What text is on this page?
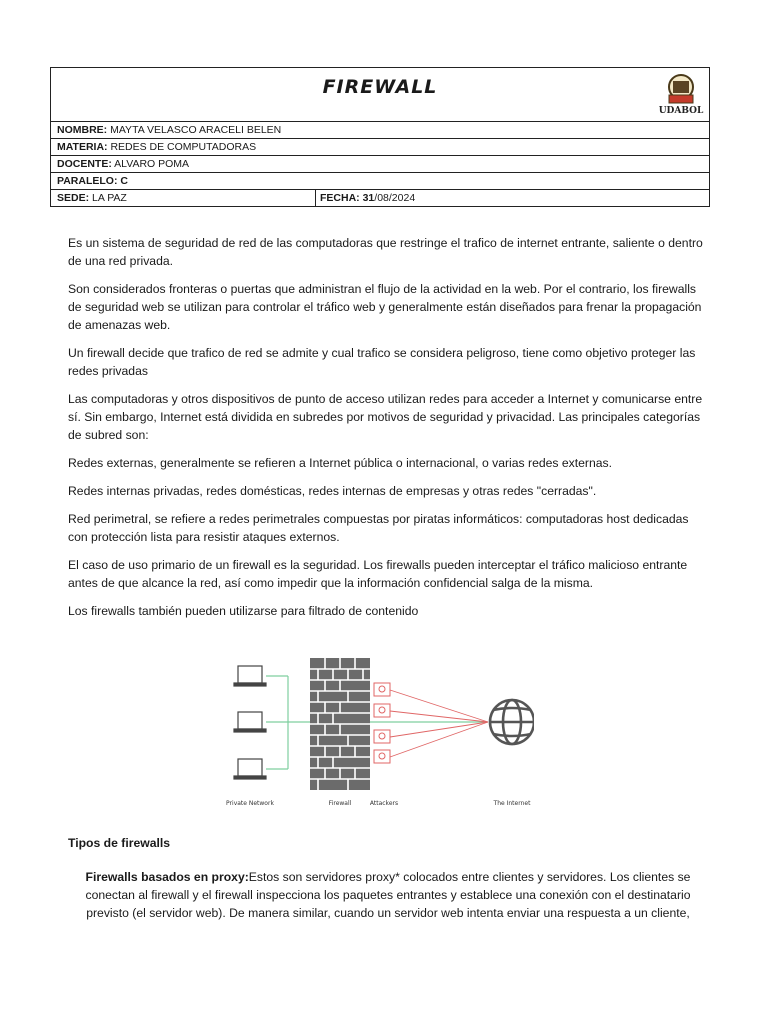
FIREWALL
UDABOL
NOMBRE: MAYTA VELASCO ARACELI BELEN
MATERIA: REDES DE COMPUTADORAS
DOCENTE: ALVARO POMA
PARALELO: C
SEDE: LA PAZ	FECHA: 31/08/2024

Es un sistema de seguridad de red de las computadoras que restringe el trafico de internet entrante, saliente o dentro de una red privada.

Son considerados fronteras o puertas que administran el flujo de la actividad en la web. Por el contrario, los firewalls de seguridad web se utilizan para controlar el tráfico web y generalmente están diseñados para frenar la propagación de amenazas web.

Un firewall decide que trafico de red se admite y cual trafico se considera peligroso, tiene como objetivo proteger las redes privadas

Las computadoras y otros dispositivos de punto de acceso utilizan redes para acceder a Internet y comunicarse entre sí. Sin embargo, Internet está dividida en subredes por motivos de seguridad y privacidad. Las principales categorías de subred son:

Redes externas, generalmente se refieren a Internet pública o internacional, o varias redes externas.

Redes internas privadas, redes domésticas, redes internas de empresas y otras redes "cerradas".

Red perimetral, se refiere a redes perimetrales compuestas por piratas informáticos: computadoras host dedicadas con protección lista para resistir ataques externos.

El caso de uso primario de un firewall es la seguridad. Los firewalls pueden interceptar el tráfico malicioso entrante antes de que alcance la red, así como impedir que la información confidencial salga de la misma.

Los firewalls también pueden utilizarse para filtrado de contenido

Private Network	Firewall	Attackers	The Internet

Tipos de firewalls

Firewalls basados en proxy:Estos son servidores proxy* colocados entre clientes y servidores. Los clientes se conectan al firewall y el firewall inspecciona los paquetes entrantes y establece una conexión con el destinatario previsto (el servidor web). De manera similar, cuando un servidor web intenta enviar una respuesta a un cliente,
